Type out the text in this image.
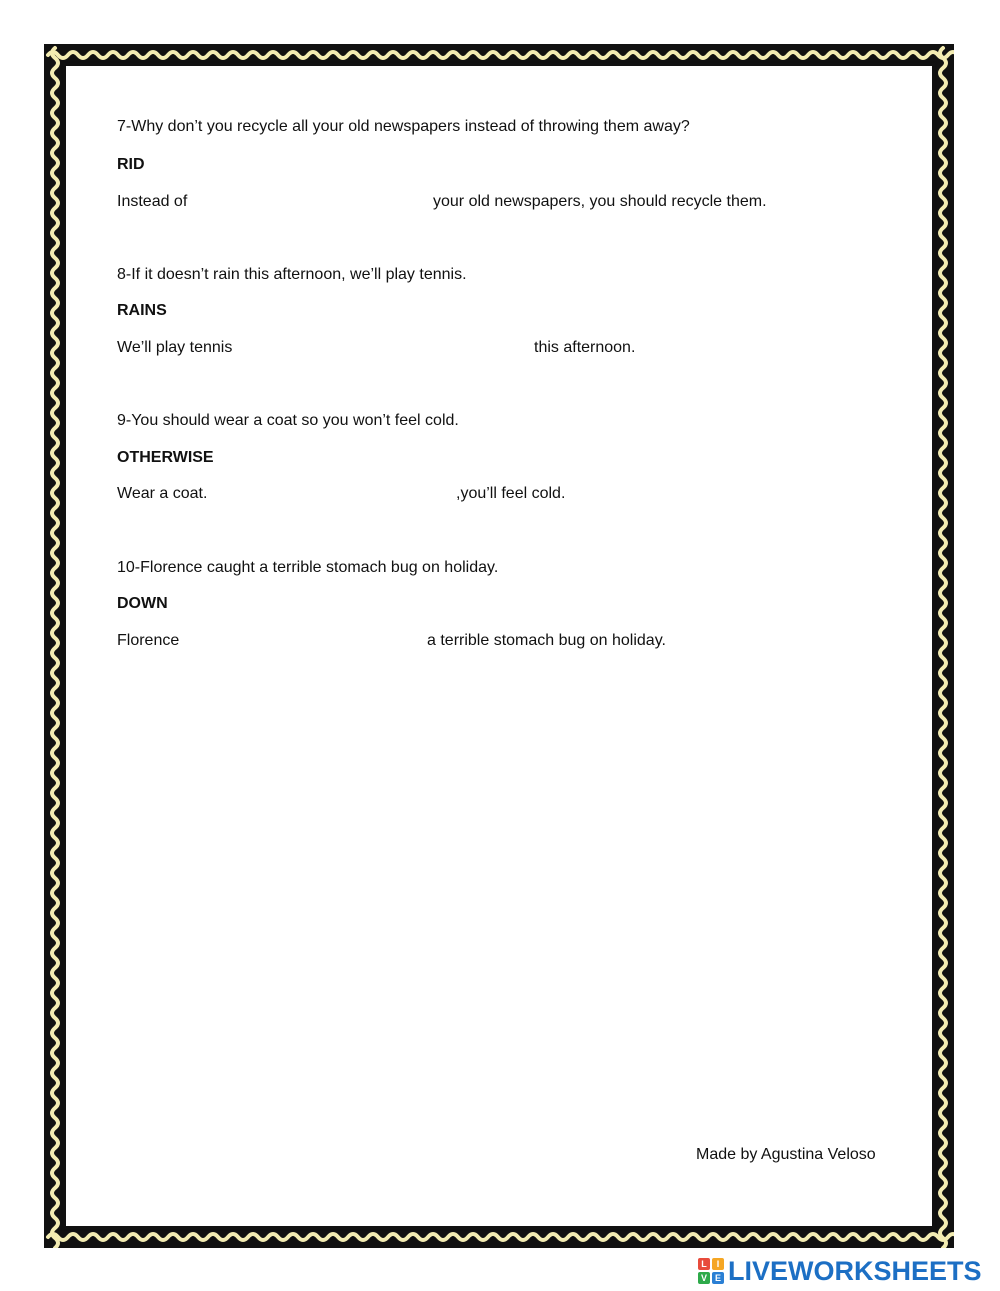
7-Why don’t you recycle all your old newspapers instead of throwing them away?
RID
Instead of	your old newspapers, you should recycle them.
8-If it doesn’t rain this afternoon, we’ll play tennis.
RAINS
We’ll play tennis	this afternoon.
9-You should wear a coat so you won’t feel cold.
OTHERWISE
Wear a coat.	,you’ll feel cold.
10-Florence caught a terrible stomach bug on holiday.
DOWN
Florence	a terrible stomach bug on holiday.
Made by Agustina Veloso
L	I
V E LIVEWORKSHEETS
